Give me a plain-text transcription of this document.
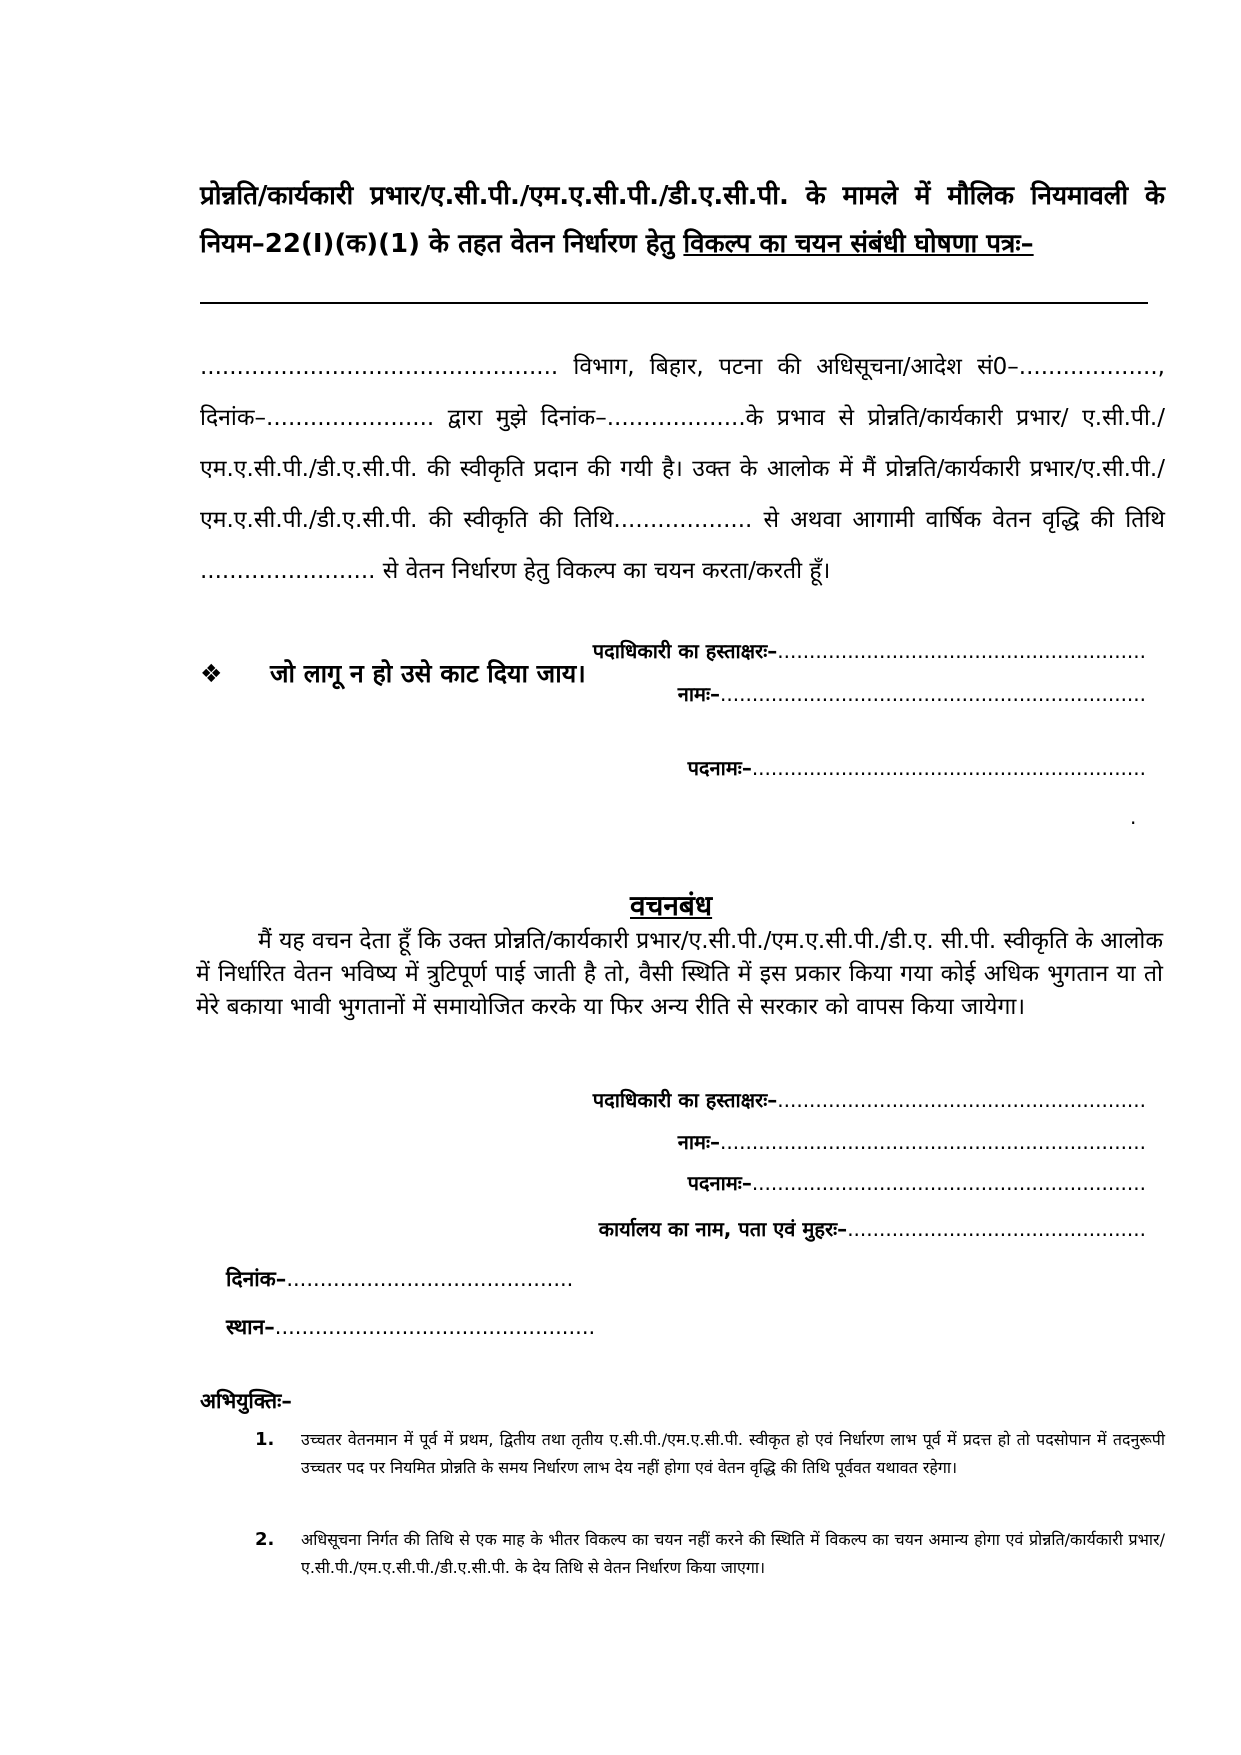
प्रोन्नति/कार्यकारी प्रभार/ए.सी.पी./एम.ए.सी.पी./डी.ए.सी.पी. के मामले में मौलिक नियमावली के नियम–22(I)(क)(1) के तहत वेतन निर्धारण हेतु विकल्प का चयन संबंधी घोषणा पत्रः–

................................................. विभाग, बिहार, पटना की अधिसूचना/आदेश सं0–..................., दिनांक–....................... द्वारा मुझे दिनांक–...................के प्रभाव से प्रोन्नति/कार्यकारी प्रभार/ ए.सी.पी./एम.ए.सी.पी./डी.ए.सी.पी. की स्वीकृति प्रदान की गयी है। उक्त के आलोक में मैं प्रोन्नति/कार्यकारी प्रभार/ए.सी.पी./एम.ए.सी.पी./डी.ए.सी.पी. की स्वीकृति की तिथि................... से अथवा आगामी वार्षिक वेतन वृद्धि की तिथि ........................ से वेतन निर्धारण हेतु विकल्प का चयन करता/करती हूँ।

❖ जो लागू न हो उसे काट दिया जाय।
पदाधिकारी का हस्ताक्षरः–..........................................................
नामः–...................................................................
.
पदनामः–..............................................................
वचनबंध

मैं यह वचन देता हूँ कि उक्त प्रोन्नति/कार्यकारी प्रभार/ए.सी.पी./एम.ए.सी.पी./डी.ए. सी.पी. स्वीकृति के आलोक में निर्धारित वेतन भविष्य में त्रुटिपूर्ण पाई जाती है तो, वैसी स्थिति में इस प्रकार किया गया कोई अधिक भुगतान या तो मेरे बकाया भावी भुगतानों में समायोजित करके या फिर अन्य रीति से सरकार को वापस किया जायेगा।

पदाधिकारी का हस्ताक्षरः–..........................................................
नामः–...................................................................
पदनामः–..............................................................
कार्यालय का नाम, पता एवं मुहरः–...............................................
दिनांक–...........................................
स्थान–................................................
अभियुक्तिः–
1.	उच्चतर वेतनमान में पूर्व में प्रथम, द्वितीय तथा तृतीय ए.सी.पी./एम.ए.सी.पी. स्वीकृत हो एवं निर्धारण लाभ पूर्व में प्रदत्त हो तो पदसोपान में तदनुरूपी उच्चतर पद पर नियमित प्रोन्नति के समय निर्धारण लाभ देय नहीं होगा एवं वेतन वृद्धि की तिथि पूर्ववत यथावत रहेगा।
2.	अधिसूचना निर्गत की तिथि से एक माह के भीतर विकल्प का चयन नहीं करने की स्थिति में विकल्प का चयन अमान्य होगा एवं प्रोन्नति/कार्यकारी प्रभार/ए.सी.पी./एम.ए.सी.पी./डी.ए.सी.पी. के देय तिथि से वेतन निर्धारण किया जाएगा।
